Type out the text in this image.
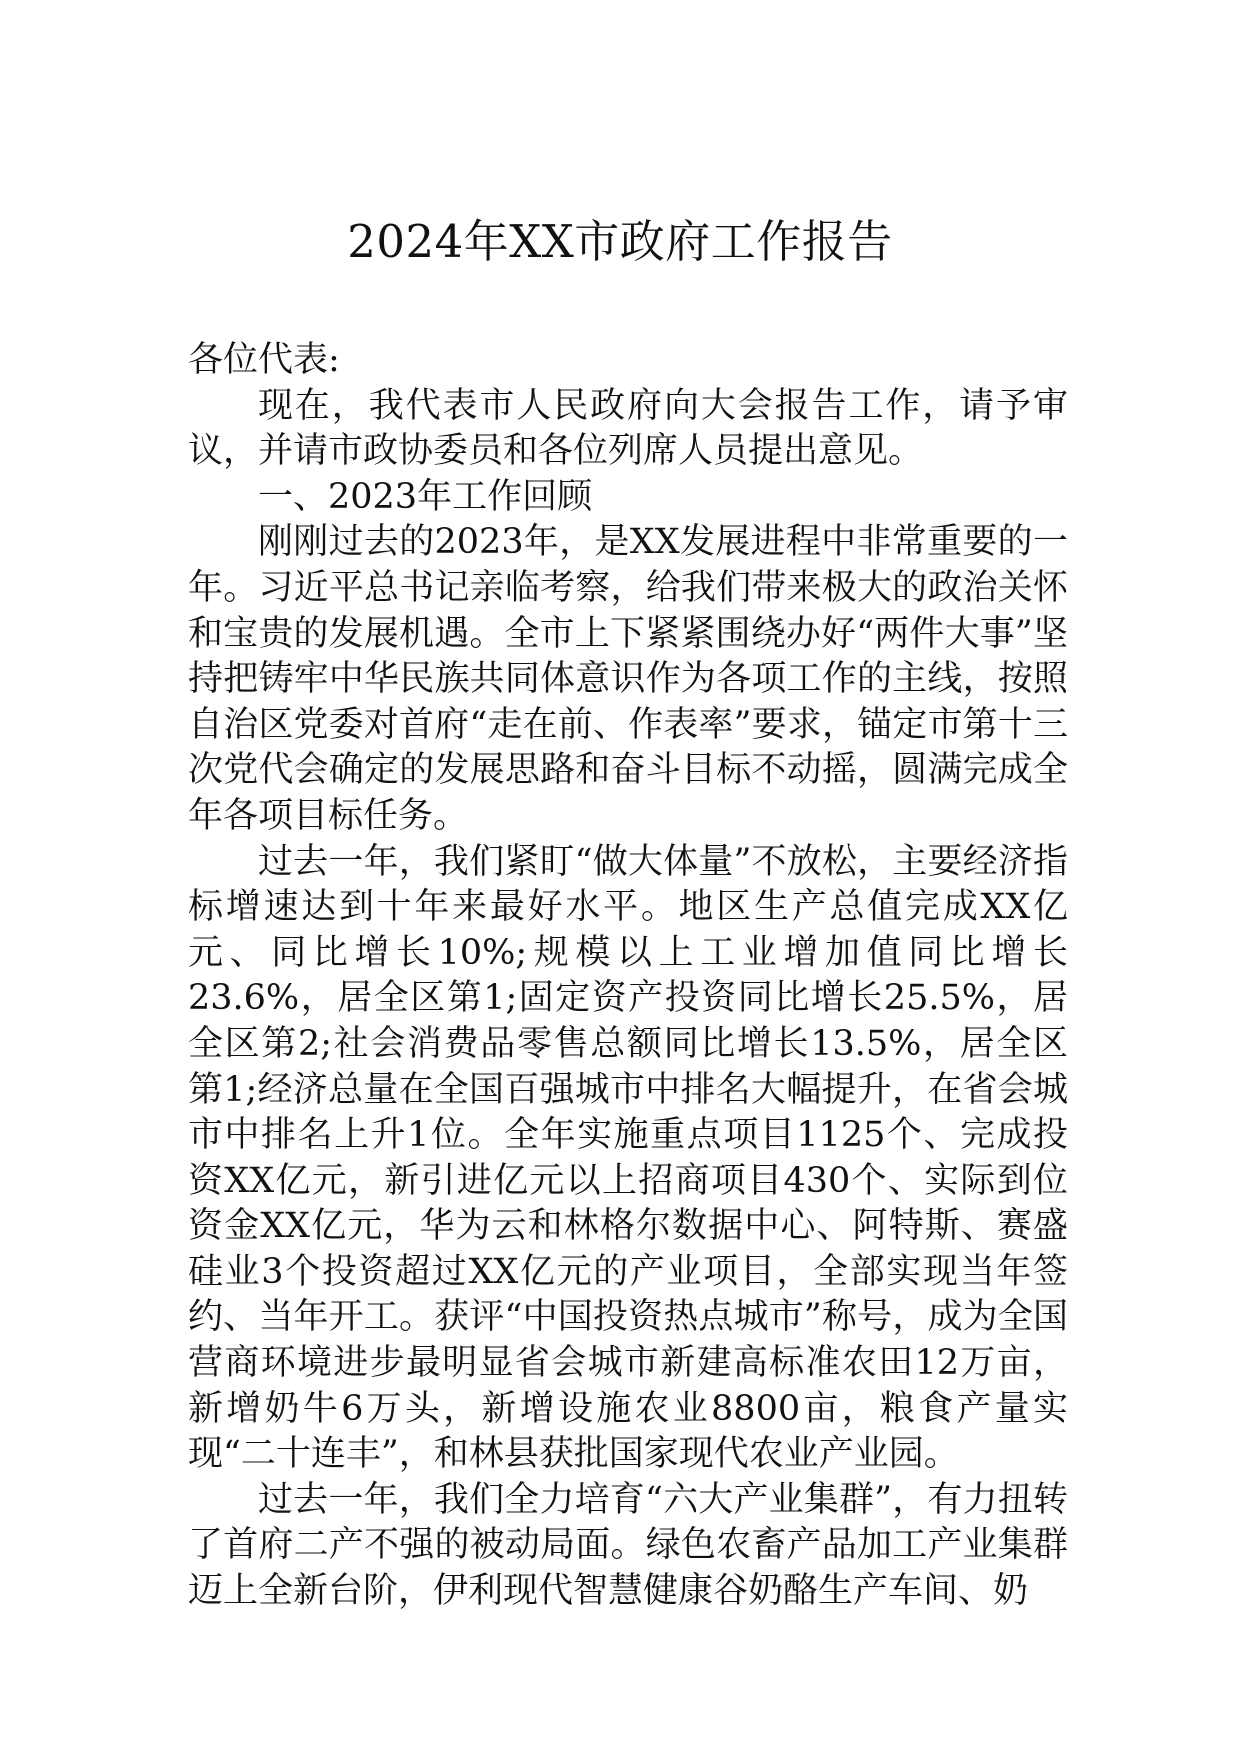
2024年XX市政府工作报告

各位代表:

现在，我代表市人民政府向大会报告工作，请予审议，并请市政协委员和各位列席人员提出意见。

一、2023年工作回顾

刚刚过去的2023年，是XX发展进程中非常重要的一年。习近平总书记亲临考察，给我们带来极大的政治关怀和宝贵的发展机遇。全市上下紧紧围绕办好“两件大事”坚持把铸牢中华民族共同体意识作为各项工作的主线，按照自治区党委对首府“走在前、作表率”要求，锚定市第十三次党代会确定的发展思路和奋斗目标不动摇，圆满完成全年各项目标任务。

过去一年，我们紧盯“做大体量”不放松，主要经济指标增速达到十年来最好水平。地区生产总值完成XX亿元、同比增长10%;规模以上工业增加值同比增长23.6%，居全区第1;固定资产投资同比增长25.5%，居全区第2;社会消费品零售总额同比增长13.5%，居全区第1;经济总量在全国百强城市中排名大幅提升，在省会城市中排名上升1位。全年实施重点项目1125个、完成投资XX亿元，新引进亿元以上招商项目430个、实际到位资金XX亿元，华为云和林格尔数据中心、阿特斯、赛盛硅业3个投资超过XX亿元的产业项目，全部实现当年签约、当年开工。获评“中国投资热点城市”称号，成为全国营商环境进步最明显省会城市新建高标准农田12万亩，新增奶牛6万头，新增设施农业8800亩，粮食产量实现“二十连丰”，和林县获批国家现代农业产业园。

过去一年，我们全力培育“六大产业集群”，有力扭转了首府二产不强的被动局面。绿色农畜产品加工产业集群迈上全新台阶，伊利现代智慧健康谷奶酪生产车间、奶
